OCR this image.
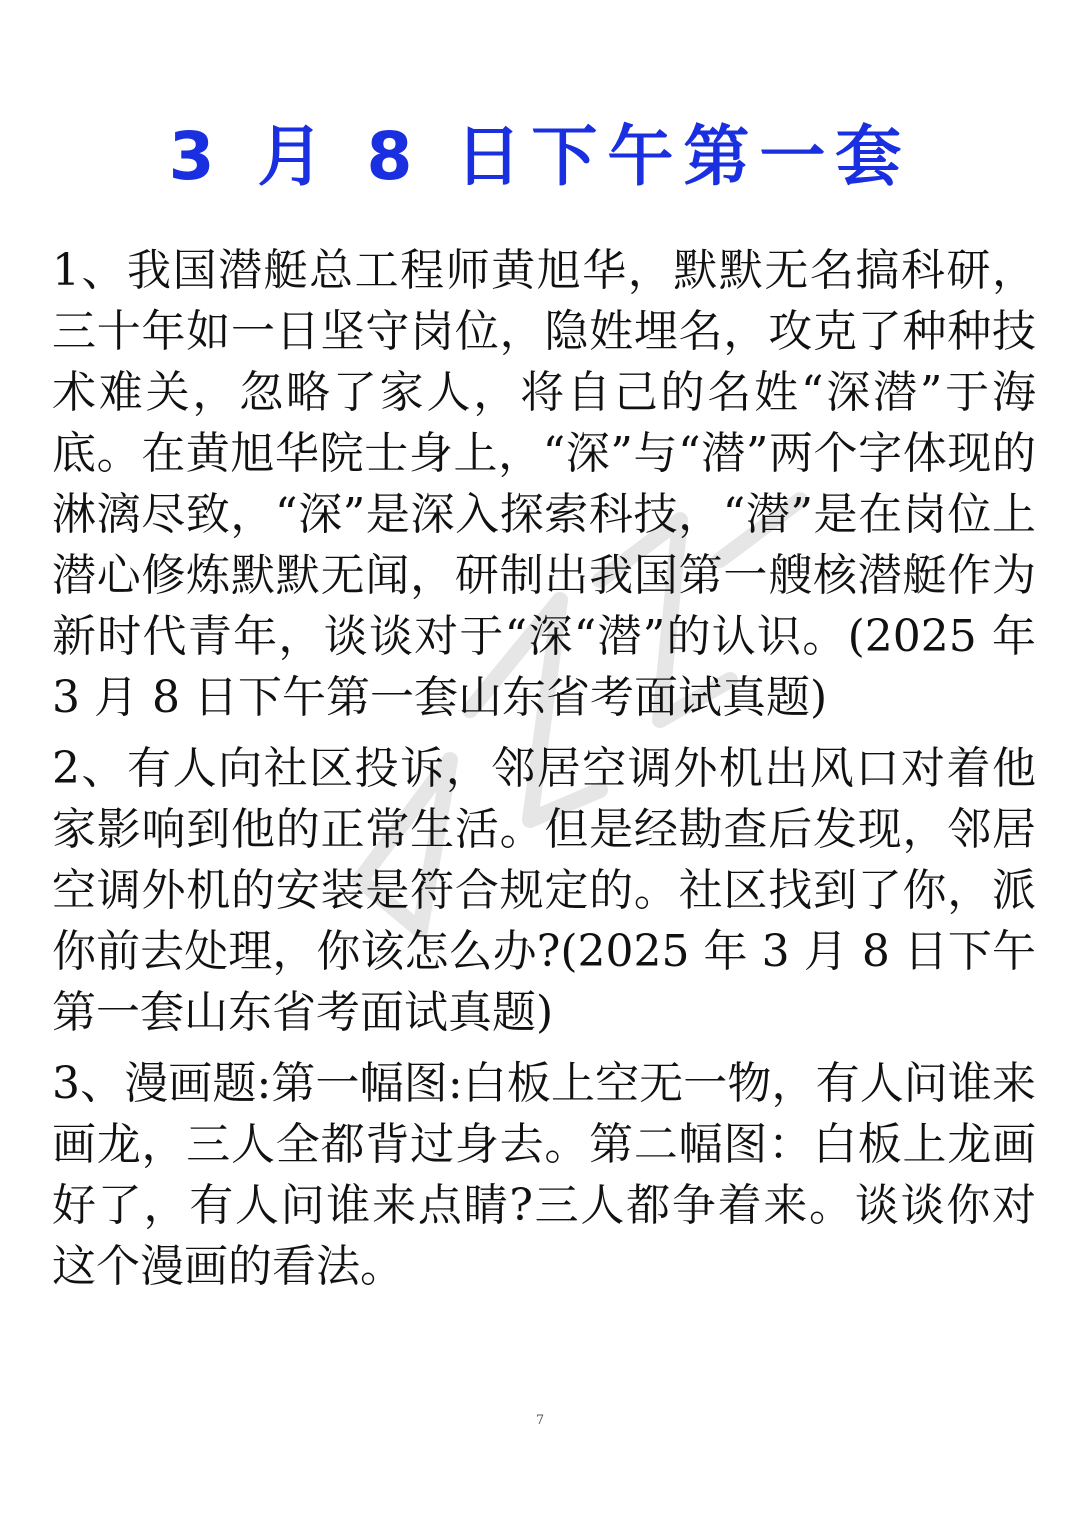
3 月 8 日下午第一套

1、我国潜艇总工程师黄旭华，默默无名搞科研，三十年如一日坚守岗位，隐姓埋名，攻克了种种技术难关，忽略了家人，将自己的名姓“深潜”于海底。在黄旭华院士身上，“深”与“潜”两个字体现的淋漓尽致，“深”是深入探索科技，“潜”是在岗位上潜心修炼默默无闻，研制出我国第一艘核潜艇作为新时代青年，谈谈对于“深“潜”的认识。(2025 年 3 月 8 日下午第一套山东省考面试真题)

2、有人向社区投诉，邻居空调外机出风口对着他家影响到他的正常生活。但是经勘查后发现，邻居空调外机的安装是符合规定的。社区找到了你，派你前去处理，你该怎么办?(2025 年 3 月 8 日下午第一套山东省考面试真题)

3、漫画题:第一幅图:白板上空无一物，有人问谁来画龙，三人全都背过身去。第二幅图：白板上龙画好了，有人问谁来点睛?三人都争着来。谈谈你对这个漫画的看法。

7
